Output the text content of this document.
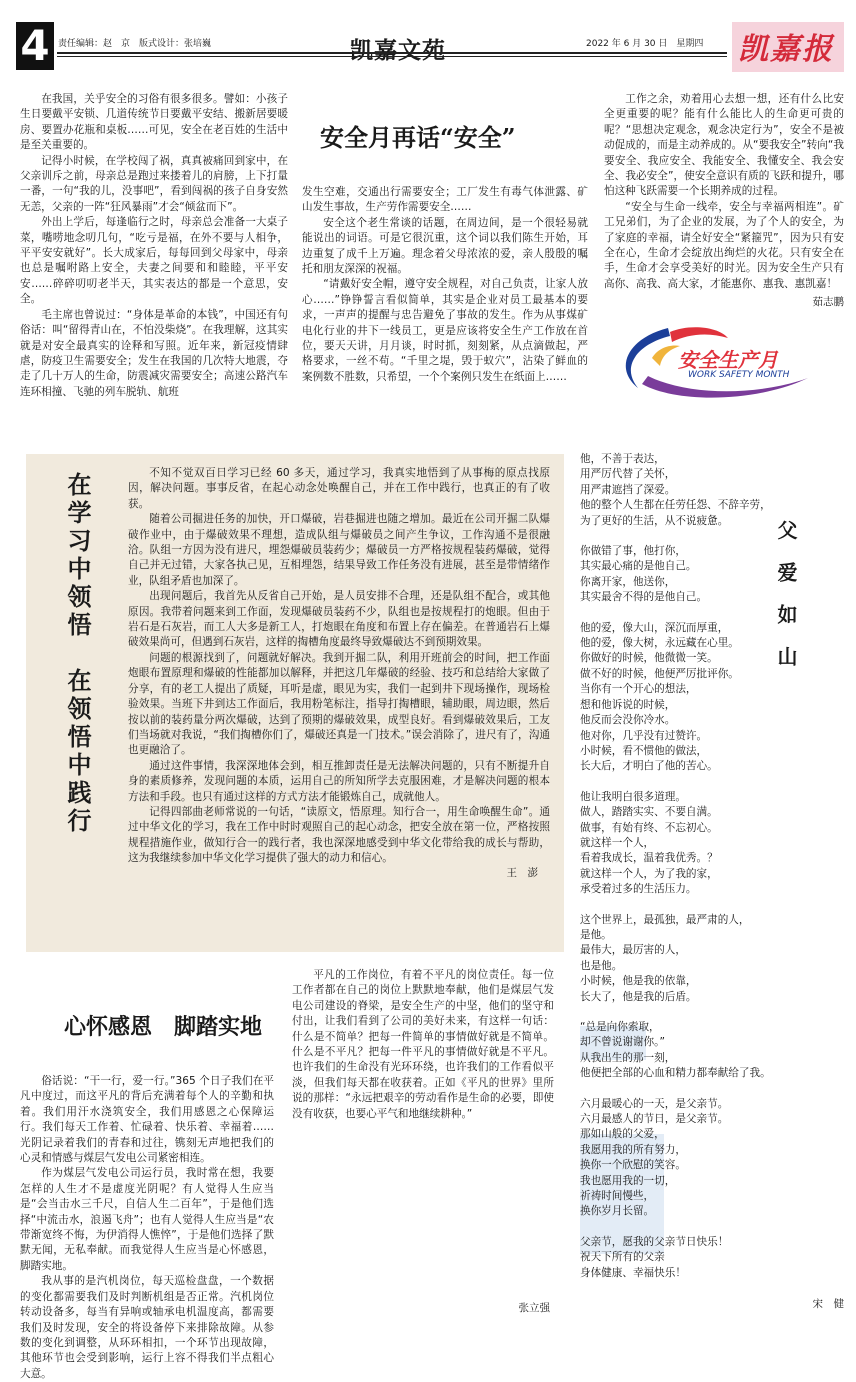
4 责任编辑：赵　京　版式设计：张培巍	凯嘉文苑	2022 年 6 月 30 日　星期四 凯嘉报
安全月再话“安全”

在我国，关乎安全的习俗有很多很多。譬如：小孩子生日要戴平安锁、几道传统节日要戴平安结、搬新居要暖房、要置办花瓶和桌板……可见，安全在老百姓的生活中是至关重要的。

记得小时候，在学校闯了祸，真真被痛回到家中，在父亲训斥之前，母亲总是跑过来搂着儿的肩膀，上下打量一番，一句“我的儿，没事吧”，看到闯祸的孩子自身安然无恙，父亲的一阵“狂风暴雨”才会“倾盆而下”。

外出上学后，每逢临行之时，母亲总会准备一大桌子菜，嘴唠地念叨几句，“吃亏是福，在外不要与人相争，平平安安就好”。长大成家后，每每回到父母家中，母亲也总是嘱咐路上安全，夫妻之间要和和睦睦，平平安安……碎碎叨叨老半天，其实表达的都是一个意思，安全。

毛主席也曾说过：“身体是革命的本钱”，中国还有句俗话：叫“留得青山在，不怕没柴烧”。在我理解，这其实就是对安全最真实的诠释和写照。近年来，新冠疫情肆虐，防疫卫生需要安全；发生在我国的几次特大地震，夺走了几十万人的生命，防震减灾需要安全；高速公路汽车连环相撞、飞驰的列车脱轨、航班

发生空难，交通出行需要安全；工厂发生有毒气体泄露、矿山发生事故，生产劳作需要安全……

安全这个老生常谈的话题，在周边间，是一个很轻易就能说出的词语。可是它很沉重，这个词以我们陈生开始，耳边重复了成千上万遍。理念着父母浓浓的爱，亲人殷殷的嘱托和朋友深深的祝福。

“请戴好安全帽，遵守安全规程，对自己负责，让家人放心……”铮铮誓言看似简单，其实是企业对员工最基本的要求，一声声的提醒与忠告避免了事故的发生。作为从事煤矿电化行业的井下一线员工，更是应该将安全生产工作放在首位，要天天讲，月月谈，时时抓，刻刻紧，从点滴做起，严格要求，一丝不苟。“千里之堤，毁于蚁穴”，沾染了鲜血的案例数不胜数，只希望，一个个案例只发生在纸面上……

工作之余，劝着用心去想一想，还有什么比安全更重要的呢？能有什么能比人的生命更可贵的呢？“思想决定观念，观念决定行为”，安全不是被动促成的，而是主动养成的。从“要我安全”转向“我要安全、我应安全、我能安全、我懂安全、我会安全、我必安全”，使安全意识有质的飞跃和提升，哪怕这种飞跃需要一个长期养成的过程。

“安全与生命一线牵，安全与幸福两相连”。矿工兄弟们，为了企业的发展，为了个人的安全，为了家庭的幸福，请全好安全“紧箍咒”，因为只有安全在心，生命才会绽放出绚烂的火花。只有安全在手，生命才会享受美好的时光。因为安全生产只有高你、高我、高大家，才能惠你、惠我、惠凯嘉！

茹志鹏
安全生产月
WORK SAFETY MONTH
在学习中领悟　在领悟中践行	不知不觉双百日学习已经 60 多天，通过学习，我真实地悟到了从事梅的原点找原因，解决问题。事事反省，在起心动念处唤醒自己，并在工作中践行，也真正的有了收获。

随着公司掘进任务的加快，开口爆破，岩巷掘进也随之增加。最近在公司开掘二队爆破作业中，由于爆破效果不理想，造成队组与爆破员之间产生争议，工作沟通不是很融洽。队组一方因为没有进尺，埋怨爆破员装药少；爆破员一方严格按规程装药爆破，觉得自己并无过错，大家各执己见，互相埋怨，结果导致工作任务没有进展，甚至是带情绪作业，队组矛盾也加深了。

出现问题后，我首先从反省自己开始，是人员安排不合理，还是队组不配合，或其他原因。我带着问题来到工作面，发现爆破员装药不少，队组也是按规程打的炮眼。但由于岩石是石灰岩，而工人大多是新工人，打炮眼在角度和布置上存在偏差。在普通岩石上爆破效果尚可，但遇到石灰岩，这样的掏槽角度最终导致爆破达不到预期效果。

问题的根源找到了，问题就好解决。我到开掘二队，利用开班前会的时间，把工作面炮眼布置原理和爆破的性能都加以解释，并把这几年爆破的经验、技巧和总结给大家做了分享，有的老工人提出了质疑，耳听是虚，眼见为实，我们一起到井下现场操作，现场检验效果。当班下井到达工作面后，我用粉笔标注，指导打掏槽眼，辅助眼，周边眼，然后按以前的装药量分两次爆破，达到了预期的爆破效果，成型良好。看到爆破效果后，工友们当场就对我说，“我们掏槽你们了，爆破还真是一门技术。”误会消除了，进尺有了，沟通也更融洽了。

通过这件事情，我深深地体会到，相互推卸责任是无法解决问题的，只有不断提升自身的素质修养，发现问题的本质，运用自己的所知所学去克服困难，才是解决问题的根本方法和手段。也只有通过这样的方式方法才能锻炼自己，成就他人。

记得四部曲老师常说的一句话，“读原文，悟原理。知行合一，用生命唤醒生命”。通过中华文化的学习，我在工作中时时观照自己的起心动念，把安全放在第一位，严格按照规程措施作业，做知行合一的践行者，我也深深地感受到中华文化带给我的成长与帮助，这为我继续参加中华文化学习提供了强大的动力和信心。

王　澎
心怀感恩　脚踏实地

俗话说：“干一行，爱一行。”365 个日子我们在平凡中度过，而这平凡的背后充满着每个人的辛勤和执着。我们用汗水浇筑安全，我们用感恩之心保障运行。我们每天工作着、忙碌着、快乐着、幸福着……光阴记录着我们的青春和过往，镌刻无声地把我们的心灵和情感与煤层气发电公司紧密相连。

作为煤层气发电公司运行员，我时常在想，我要怎样的人生才不是虚度光阴呢？有人觉得人生应当是“会当击水三千尺，自信人生二百年”，于是他们选择“中流击水，浪遏飞舟”；也有人觉得人生应当是“农带渐宽终不悔，为伊消得人憔悴”，于是他们选择了默默无闻，无私奉献。而我觉得人生应当是心怀感恩，脚踏实地。

我从事的是汽机岗位，每天巡检盘盘，一个数据的变化都需要我们及时判断机组是否正常。汽机岗位转动设备多，每当有异响或轴承电机温度高，都需要我们及时发现，安全的将设备停下来排除故障。从参数的变化到调整，从环环相扣，一个环节出现故障，其他环节也会受到影响，运行上容不得我们半点粗心大意。

平凡的工作岗位，有着不平凡的岗位责任。每一位工作者都在自己的岗位上默默地奉献，他们是煤层气发电公司建设的脊梁，是安全生产的中坚，他们的坚守和付出，让我们看到了公司的美好未来，有这样一句话：什么是不简单？把每一件简单的事情做好就是不简单。什么是不平凡？把每一件平凡的事情做好就是不平凡。也许我们的生命没有光环环绕，也许我们的工作看似平淡，但我们每天都在收获着。正如《平凡的世界》里所说的那样：“永远把艰辛的劳动看作是生命的必要，即使没有收获，也要心平气和地继续耕种。”

张立强
父爱如山

他，不善于表达，

用严厉代替了关怀，

用严肃遮挡了深爱。

他的整个人生都在任劳任怨、不辞辛劳，

为了更好的生活，从不说疲惫。

你做错了事，他打你，

其实最心痛的是他自己。

你离开家，他送你，

其实最舍不得的是他自己。

他的爱，像大山，深沉而厚重，

他的爱，像大树，永远藏在心里。

你做好的时候，他微微一笑。

做不好的时候，他便严厉批评你。

当你有一个开心的想法，

想和他诉说的时候，

他反而会没你冷水。

他对你，几乎没有过赞许。

小时候，看不惯他的做法，

长大后，才明白了他的苦心。

他让我明白很多道理。

做人，踏踏实实、不要自满。

做事，有始有终、不忘初心。

就这样一个人，

看着我成长，温着我优秀。？

就这样一个人，为了我的家，

承受着过多的生活压力。

这个世界上，最孤独，最严肃的人，

是他。

最伟大，最厉害的人，

也是他。

小时候，他是我的依靠，

长大了，他是我的后盾。

“总是向你索取，

却不曾说谢谢你。”

从我出生的那一刻，

他便把全部的心血和精力都奉献给了我。

六月最暖心的一天，是父亲节。

六月最感人的节日，是父亲节。

那如山般的父爱，

我愿用我的所有努力，

换你一个欣慰的笑容。

我也愿用我的一切，

祈祷时间慢些，

换你岁月长留。

父亲节，愿我的父亲节日快乐！

祝天下所有的父亲

身体健康、幸福快乐！

宋　健
